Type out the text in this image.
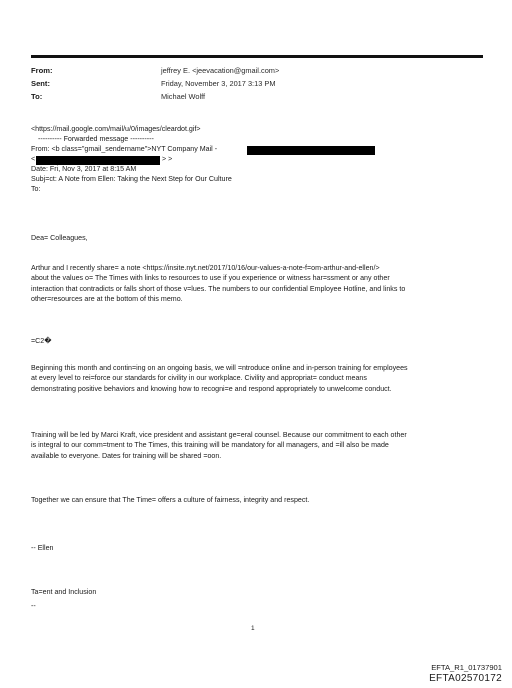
From:	jeffrey E. <jeevacation@gmail.com>
Sent:	Friday, November 3, 2017 3:13 PM
To:	Michael Wolff
<https://mail.google.com/mail/u/0/images/cleardot.gif>
---------- Forwarded message ----------
From: <b class="gmail_sendername">NYT Company Mail -
<	> >
Date: Fri, Nov 3, 2017 at 8:15 AM
Subj=ct: A Note from Ellen: Taking the Next Step for Our Culture
To:
Dea= Colleagues,
Arthur and I recently share= a note <https://insite.nyt.net/2017/10/16/our-values-a-note-f=om-arthur-and-ellen/>
about the values o= The Times with links to resources to use if you experience or witness har=ssment or any other
interaction that contradicts or falls short of those v=lues. The numbers to our confidential Employee Hotline, and links to
other=resources are at the bottom of this memo.
=C2�
Beginning this month and contin=ing on an ongoing basis, we will =ntroduce online and in-person training for employees
at every level to rei=force our standards for civility in our workplace. Civility and appropriat= conduct means
demonstrating positive behaviors and knowing how to recogni=e and respond appropriately to unwelcome conduct.
Training will be led by Marci Kraft, vice president and assistant ge=eral counsel. Because our commitment to each other
is integral to our comm=tment to The Times, this training will be mandatory for all managers, and =ill also be made
available to everyone. Dates for training will be shared =oon.
Together we can ensure that The Time= offers a culture of fairness, integrity and respect.
-- Ellen
Ta=ent and Inclusion
--
1
EFTA_R1_01737901
EFTA02570172
